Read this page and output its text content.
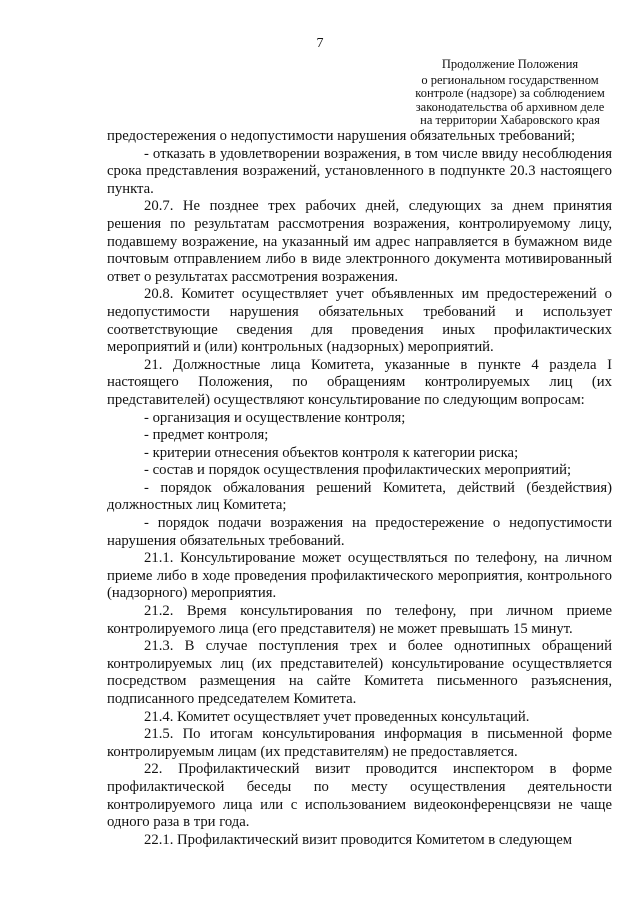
7
Продолжение Положения
о региональном государственном
контроле (надзоре) за соблюдением
законодательства об архивном деле
на территории Хабаровского края

предостережения о недопустимости нарушения обязательных требований;

- отказать в удовлетворении возражения, в том числе ввиду несоблюдения срока представления возражений, установленного в подпункте 20.3 настоящего пункта.

20.7. Не позднее трех рабочих дней, следующих за днем принятия решения по результатам рассмотрения возражения, контролируемому лицу, подавшему возражение, на указанный им адрес направляется в бумажном виде почтовым отправлением либо в виде электронного документа мотивированный ответ о результатах рассмотрения возражения.

20.8. Комитет осуществляет учет объявленных им предостережений о недопустимости нарушения обязательных требований и использует соответствующие сведения для проведения иных профилактических мероприятий и (или) контрольных (надзорных) мероприятий.

21. Должностные лица Комитета, указанные в пункте 4 раздела I настоящего Положения, по обращениям контролируемых лиц (их представителей) осуществляют консультирование по следующим вопросам:

- организация и осуществление контроля;

- предмет контроля;

- критерии отнесения объектов контроля к категории риска;

- состав и порядок осуществления профилактических мероприятий;

- порядок обжалования решений Комитета, действий (бездействия) должностных лиц Комитета;

- порядок подачи возражения на предостережение о недопустимости нарушения обязательных требований.

21.1. Консультирование может осуществляться по телефону, на личном приеме либо в ходе проведения профилактического мероприятия, контрольного (надзорного) мероприятия.

21.2. Время консультирования по телефону, при личном приеме контролируемого лица (его представителя) не может превышать 15 минут.

21.3. В случае поступления трех и более однотипных обращений контролируемых лиц (их представителей) консультирование осуществляется посредством размещения на сайте Комитета письменного разъяснения, подписанного председателем Комитета.

21.4. Комитет осуществляет учет проведенных консультаций.

21.5. По итогам консультирования информация в письменной форме контролируемым лицам (их представителям) не предоставляется.

22. Профилактический визит проводится инспектором в форме профилактической беседы по месту осуществления деятельности контролируемого лица или с использованием видеоконференцсвязи не чаще одного раза в три года.

22.1. Профилактический визит проводится Комитетом в следующем
